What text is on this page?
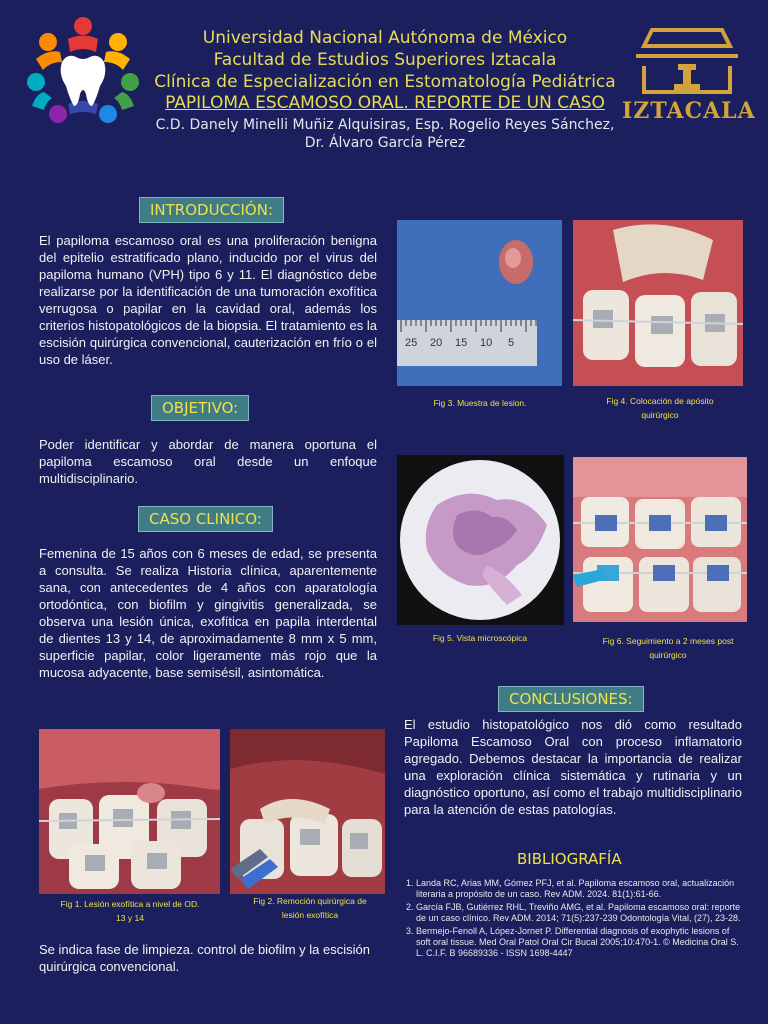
Universidad Nacional Autónoma de México
Facultad de Estudios Superiores Iztacala
Clínica de Especialización en Estomatología Pediátrica
PAPILOMA ESCAMOSO ORAL. REPORTE DE UN CASO
C.D. Danely Minelli Muñiz Alquisiras, Esp. Rogelio Reyes Sánchez,
Dr. Álvaro García Pérez
IZTACALA
INTRODUCCIÓN:
El papiloma escamoso oral es una proliferación benigna del epitelio estratificado plano, inducido por el virus del papiloma humano (VPH) tipo 6 y 11. El diagnóstico debe realizarse por la identificación de una tumoración exofítica verrugosa o papilar en la cavidad oral, además los criterios histopatológicos de la biopsia. El tratamiento es la escisión quirúrgica convencional, cauterización en frío o el uso de láser.
OBJETIVO:
Poder identificar y abordar de manera oportuna el papiloma escamoso oral desde un enfoque multidisciplinario.
CASO CLINICO:
Femenina de 15 años con 6 meses de edad, se presenta a consulta. Se realiza Historia clínica, aparentemente sana, con antecedentes de 4 años con aparatología ortodóntica, con biofilm y gingivitis generalizada, se observa una lesión única, exofítica en papila interdental de dientes 13 y 14, de aproximadamente 8 mm x 5 mm, superficie papilar, color ligeramente más rojo que la mucosa adyacente, base semisésil, asintomática.
Fig 1. Lesión exofítica a nivel de OD. 13 y 14
Fig 2. Remoción quirúrgica de lesión exofítica
Se indica fase de limpieza. control de biofilm y la escisión quirúrgica convencional.
25 20 15 10 5
Fig 3. Muestra de lesion.	Fig 4. Colocación de apósito quirúrgico
Fig 5. Vista microscópica	Fig 6. Seguimiento a 2 meses post quirúrgico
CONCLUSIONES:
El estudio histopatológico nos dió como resultado Papiloma Escamoso Oral con proceso inflamatorio agregado. Debemos destacar la importancia de realizar una exploración clínica sistemática y rutinaria y un diagnóstico oportuno, así como el trabajo multidisciplinario para la atención de estas patologías.
BIBLIOGRAFÍA
1. Landa RC, Arias MM, Gómez PFJ, et al. Papiloma escamoso oral, actualización literaria a propósito de un caso. Rev ADM. 2024. 81(1):61-66.
2. García FJB, Gutiérrez RHL, Treviño AMG, et al. Papiloma escamoso oral: reporte de un caso clínico. Rev ADM. 2014; 71(5):237-239 Odontología Vital, (27), 23-28.
3. Bermejo-Fenoll A, López-Jornet P. Differential diagnosis of exophytic lesions of soft oral tissue. Med Oral Patol Oral Cir Bucal 2005;10:470-1. © Medicina Oral S. L. C.I.F. B 96689336 - ISSN 1698-4447
